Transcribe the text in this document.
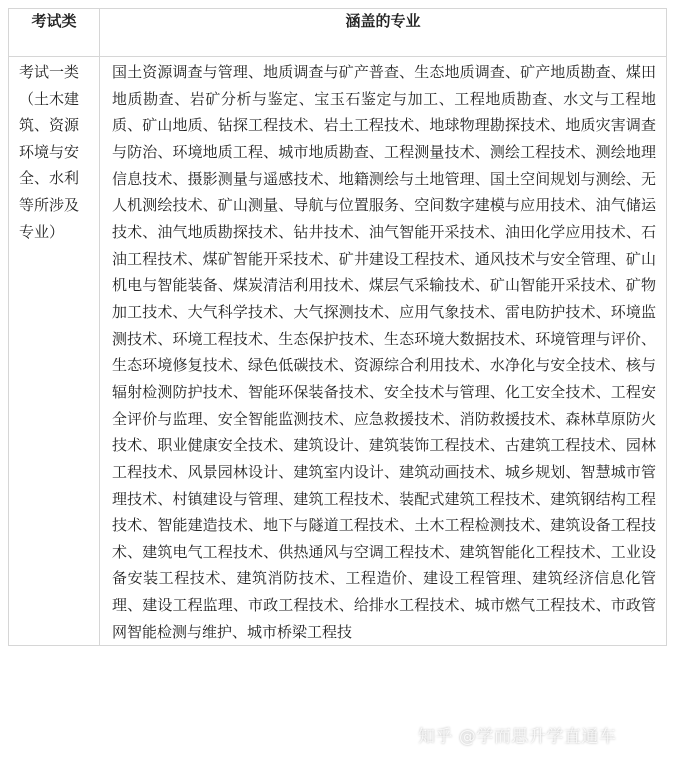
考试类	涵盖的专业
考试一类（土木建筑、资源环境与安全、水利等所涉及专业）	国土资源调查与管理、地质调查与矿产普查、生态地质调查、矿产地质勘查、煤田地质勘查、岩矿分析与鉴定、宝玉石鉴定与加工、工程地质勘查、水文与工程地质、矿山地质、钻探工程技术、岩土工程技术、地球物理勘探技术、地质灾害调查与防治、环境地质工程、城市地质勘查、工程测量技术、测绘工程技术、测绘地理信息技术、摄影测量与遥感技术、地籍测绘与土地管理、国土空间规划与测绘、无人机测绘技术、矿山测量、导航与位置服务、空间数字建模与应用技术、油气储运技术、油气地质勘探技术、钻井技术、油气智能开采技术、油田化学应用技术、石油工程技术、煤矿智能开采技术、矿井建设工程技术、通风技术与安全管理、矿山机电与智能装备、煤炭清洁利用技术、煤层气采输技术、矿山智能开采技术、矿物加工技术、大气科学技术、大气探测技术、应用气象技术、雷电防护技术、环境监测技术、环境工程技术、生态保护技术、生态环境大数据技术、环境管理与评价、生态环境修复技术、绿色低碳技术、资源综合利用技术、水净化与安全技术、核与辐射检测防护技术、智能环保装备技术、安全技术与管理、化工安全技术、工程安全评价与监理、安全智能监测技术、应急救援技术、消防救援技术、森林草原防火技术、职业健康安全技术、建筑设计、建筑装饰工程技术、古建筑工程技术、园林工程技术、风景园林设计、建筑室内设计、建筑动画技术、城乡规划、智慧城市管理技术、村镇建设与管理、建筑工程技术、装配式建筑工程技术、建筑钢结构工程技术、智能建造技术、地下与隧道工程技术、土木工程检测技术、建筑设备工程技术、建筑电气工程技术、供热通风与空调工程技术、建筑智能化工程技术、工业设备安装工程技术、建筑消防技术、工程造价、建设工程管理、建筑经济信息化管理、建设工程监理、市政工程技术、给排水工程技术、城市燃气工程技术、市政管网智能检测与维护、城市桥梁工程技
知乎 @学而思升学直通车
